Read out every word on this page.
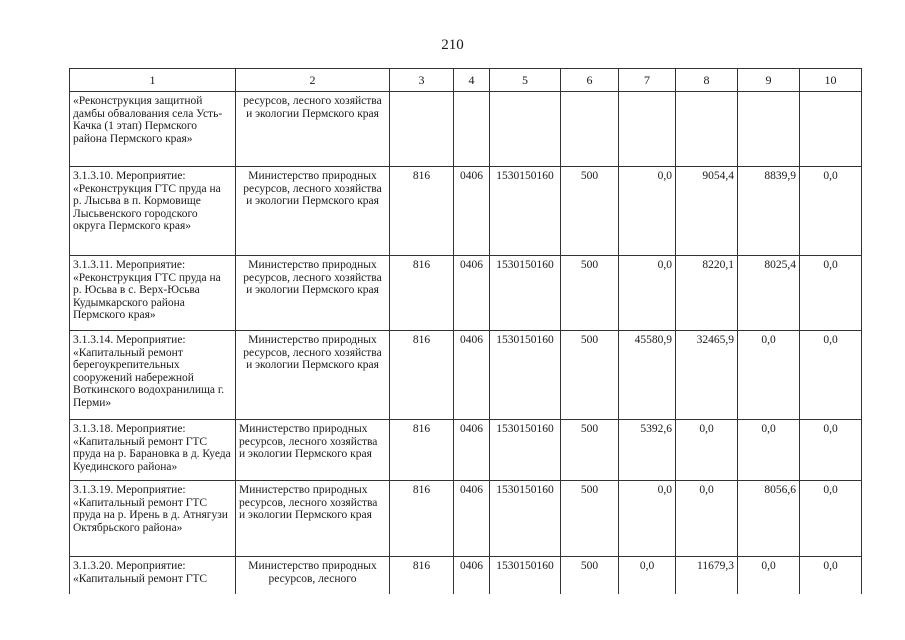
210
1	2	3	4	5	6	7	8	9	10
«Реконструкция защитной дамбы обвалования села Усть-Качка (1 этап) Пермского района Пермского края»	ресурсов, лесного хозяйства и экологии Пермского края								
3.1.3.10. Мероприятие: «Реконструкция ГТС пруда на р. Лысьва в п. Кормовище Лысьвенского городского округа Пермского края»	Министерство природных ресурсов, лесного хозяйства и экологии Пермского края	816	0406	1530150160	500	0,0	9054,4	8839,9	0,0
3.1.3.11. Мероприятие: «Реконструкция ГТС пруда на р. Юсьва в с. Верх-Юсьва Кудымкарского района Пермского края»	Министерство природных ресурсов, лесного хозяйства и экологии Пермского края	816	0406	1530150160	500	0,0	8220,1	8025,4	0,0
3.1.3.14. Мероприятие: «Капитальный ремонт берегоукрепительных сооружений набережной Воткинского водохранилища г. Перми»	Министерство природных ресурсов, лесного хозяйства и экологии Пермского края	816	0406	1530150160	500	45580,9	32465,9	0,0	0,0
3.1.3.18. Мероприятие: «Капитальный ремонт ГТС пруда на р. Барановка в д. Куеда Куединского района»	Министерство природных ресурсов, лесного хозяйства и экологии Пермского края	816	0406	1530150160	500	5392,6	0,0	0,0	0,0
3.1.3.19. Мероприятие: «Капитальный ремонт ГТС пруда на р. Ирень в д. Атнягузи Октябрьского района»	Министерство природных ресурсов, лесного хозяйства и экологии Пермского края	816	0406	1530150160	500	0,0	0,0	8056,6	0,0
3.1.3.20. Мероприятие: «Капитальный ремонт ГТС	Министерство природных ресурсов, лесного	816	0406	1530150160	500	0,0	11679,3	0,0	0,0
